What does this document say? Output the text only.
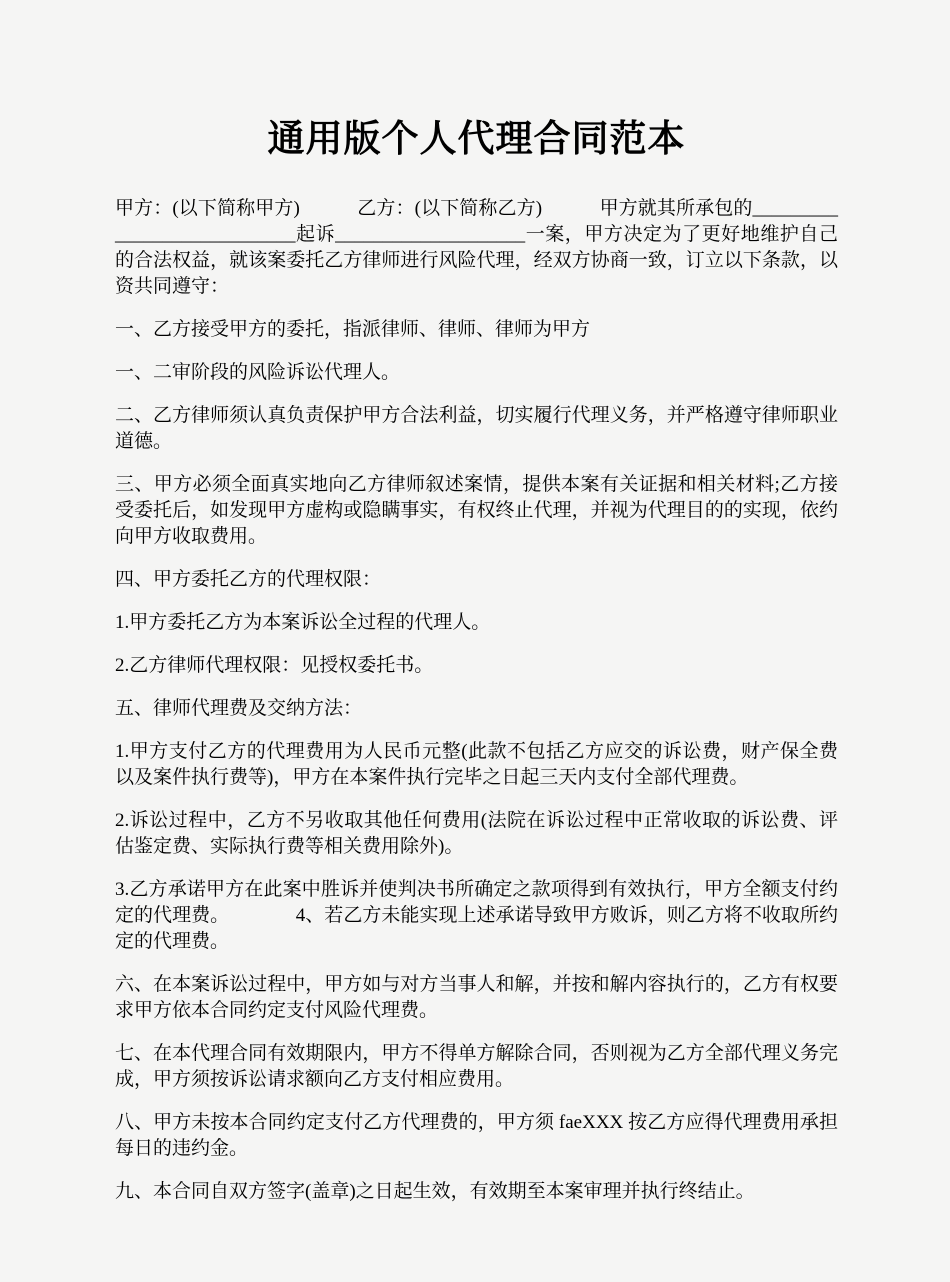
通用版个人代理合同范本

甲方：(以下简称甲方)　　　乙方：(以下简称乙方)　　　甲方就其所承包的____________________________起诉____________________一案，甲方决定为了更好地维护自己的合法权益，就该案委托乙方律师进行风险代理，经双方协商一致，订立以下条款，以资共同遵守：

一、乙方接受甲方的委托，指派律师、律师、律师为甲方

一、二审阶段的风险诉讼代理人。

二、乙方律师须认真负责保护甲方合法利益，切实履行代理义务，并严格遵守律师职业道德。

三、甲方必须全面真实地向乙方律师叙述案情，提供本案有关证据和相关材料;乙方接受委托后，如发现甲方虚构或隐瞒事实，有权终止代理，并视为代理目的的实现，依约向甲方收取费用。

四、甲方委托乙方的代理权限：

1.甲方委托乙方为本案诉讼全过程的代理人。

2.乙方律师代理权限：见授权委托书。

五、律师代理费及交纳方法：

1.甲方支付乙方的代理费用为人民币元整(此款不包括乙方应交的诉讼费，财产保全费以及案件执行费等)，甲方在本案件执行完毕之日起三天内支付全部代理费。

2.诉讼过程中，乙方不另收取其他任何费用(法院在诉讼过程中正常收取的诉讼费、评估鉴定费、实际执行费等相关费用除外)。

3.乙方承诺甲方在此案中胜诉并使判决书所确定之款项得到有效执行，甲方全额支付约定的代理费。　　　　4、若乙方未能实现上述承诺导致甲方败诉，则乙方将不收取所约定的代理费。

六、在本案诉讼过程中，甲方如与对方当事人和解，并按和解内容执行的，乙方有权要求甲方依本合同约定支付风险代理费。

七、在本代理合同有效期限内，甲方不得单方解除合同，否则视为乙方全部代理义务完成，甲方须按诉讼请求额向乙方支付相应费用。

八、甲方未按本合同约定支付乙方代理费的，甲方须 faeXXX 按乙方应得代理费用承担每日的违约金。

九、本合同自双方签字(盖章)之日起生效，有效期至本案审理并执行终结止。
